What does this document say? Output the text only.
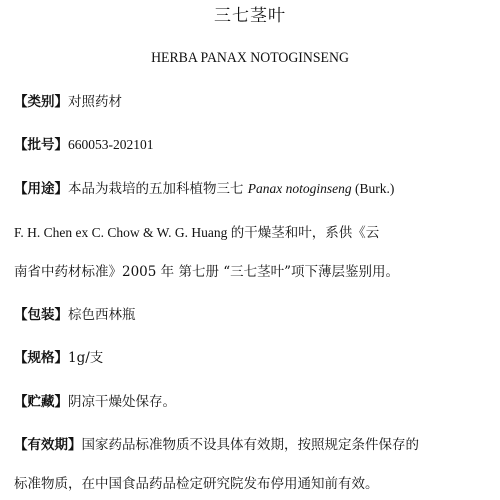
三七茎叶
HERBA PANAX NOTOGINSENG
【类别】对照药材
【批号】660053-202101
【用途】本品为栽培的五加科植物三七 Panax notoginseng (Burk.)
F. H. Chen ex C. Chow & W. G. Huang 的干燥茎和叶，系供《云
南省中药材标准》2005 年 第七册 “三七茎叶”项下薄层鉴别用。
【包装】棕色西林瓶
【规格】1g/支
【贮藏】阴凉干燥处保存。
【有效期】国家药品标准物质不设具体有效期，按照规定条件保存的
标准物质，在中国食品药品检定研究院发布停用通知前有效。
